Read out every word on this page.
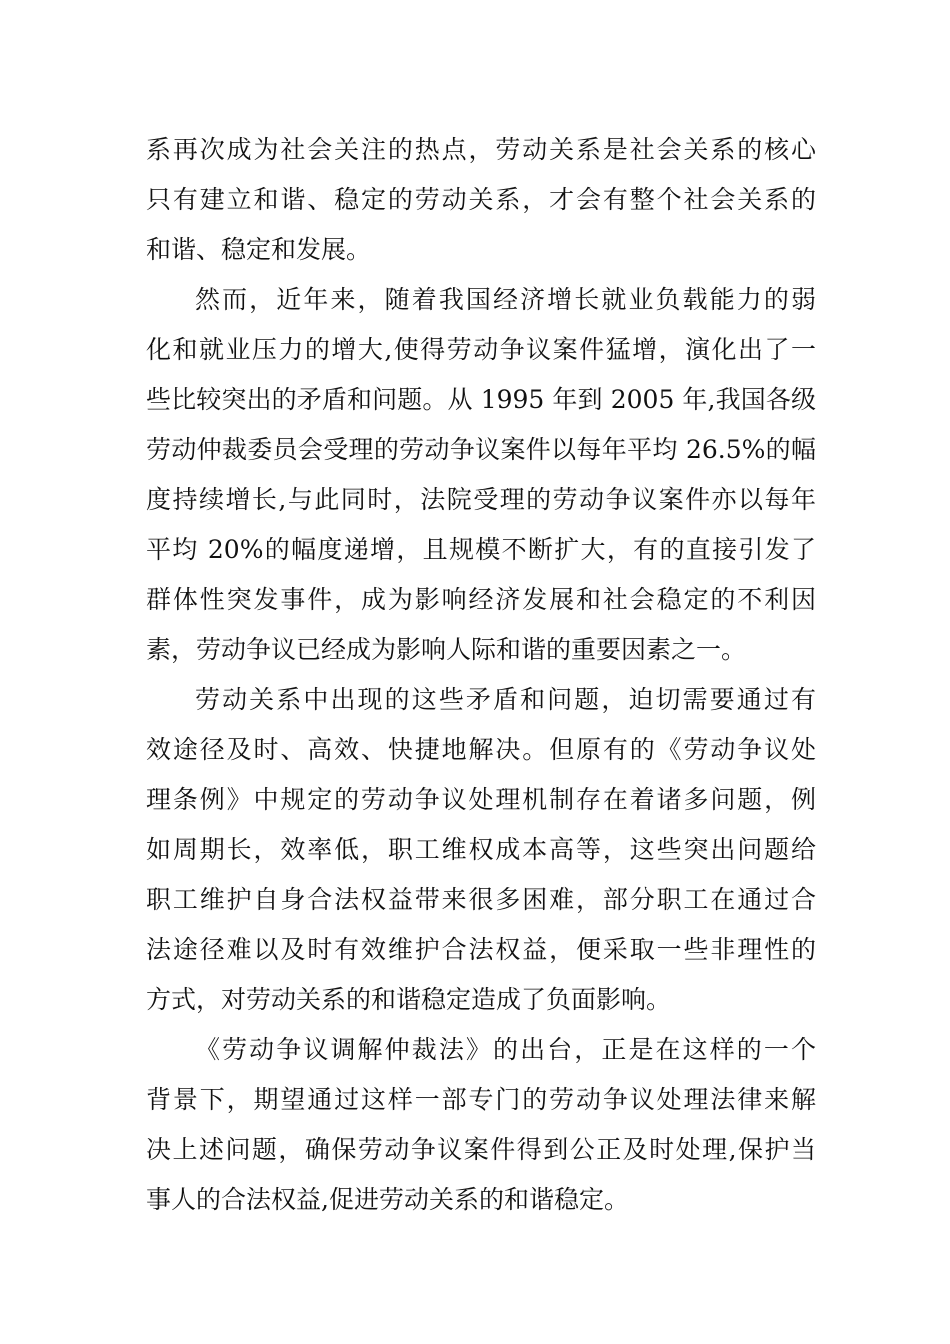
系再次成为社会关注的热点，劳动关系是社会关系的核心
只有建立和谐、稳定的劳动关系，才会有整个社会关系的
和谐、稳定和发展。
然而，近年来，随着我国经济增长就业负载能力的弱
化和就业压力的增大,使得劳动争议案件猛增，演化出了一
些比较突出的矛盾和问题。从 1995 年到 2005 年,我国各级
劳动仲裁委员会受理的劳动争议案件以每年平均 26.5%的幅
度持续增长,与此同时，法院受理的劳动争议案件亦以每年
平均 20%的幅度递增，且规模不断扩大，有的直接引发了
群体性突发事件，成为影响经济发展和社会稳定的不利因
素，劳动争议已经成为影响人际和谐的重要因素之一。
劳动关系中出现的这些矛盾和问题，迫切需要通过有
效途径及时、高效、快捷地解决。但原有的《劳动争议处
理条例》中规定的劳动争议处理机制存在着诸多问题，例
如周期长，效率低，职工维权成本高等，这些突出问题给
职工维护自身合法权益带来很多困难，部分职工在通过合
法途径难以及时有效维护合法权益，便采取一些非理性的
方式，对劳动关系的和谐稳定造成了负面影响。
《劳动争议调解仲裁法》的出台，正是在这样的一个
背景下，期望通过这样一部专门的劳动争议处理法律来解
决上述问题，确保劳动争议案件得到公正及时处理,保护当
事人的合法权益,促进劳动关系的和谐稳定。
